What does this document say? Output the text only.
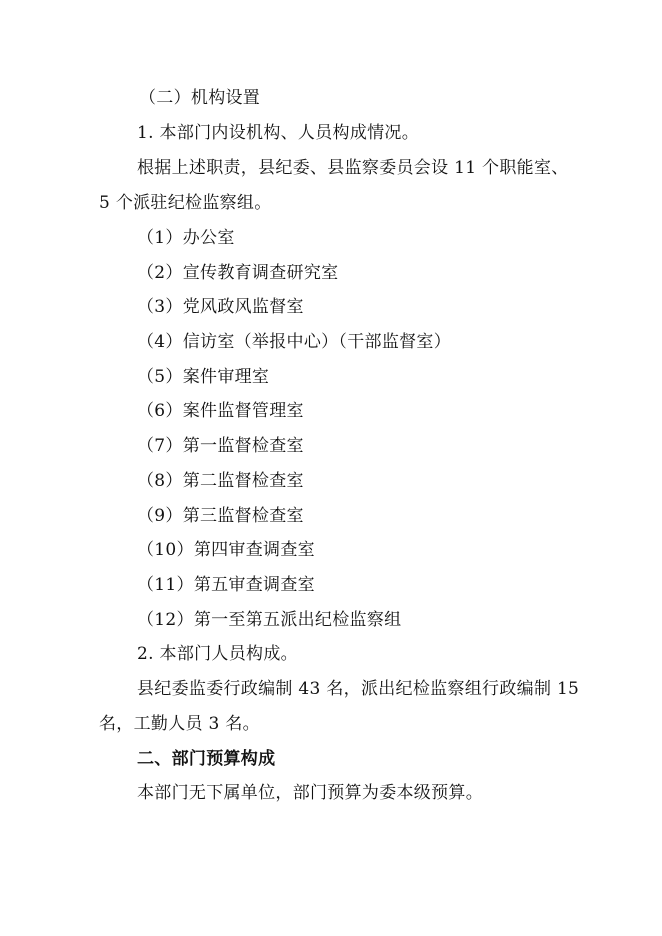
（二）机构设置
1. 本部门内设机构、人员构成情况。
根据上述职责，县纪委、县监察委员会设 11 个职能室、
5 个派驻纪检监察组。
（1）办公室
（2）宣传教育调查研究室
（3）党风政风监督室
（4）信访室（举报中心）（干部监督室）
（5）案件审理室
（6）案件监督管理室
（7）第一监督检查室
（8）第二监督检查室
（9）第三监督检查室
（10）第四审查调查室
（11）第五审查调查室
（12）第一至第五派出纪检监察组
2. 本部门人员构成。
县纪委监委行政编制 43 名，派出纪检监察组行政编制 15
名，工勤人员 3 名。
二、部门预算构成
本部门无下属单位，部门预算为委本级预算。
